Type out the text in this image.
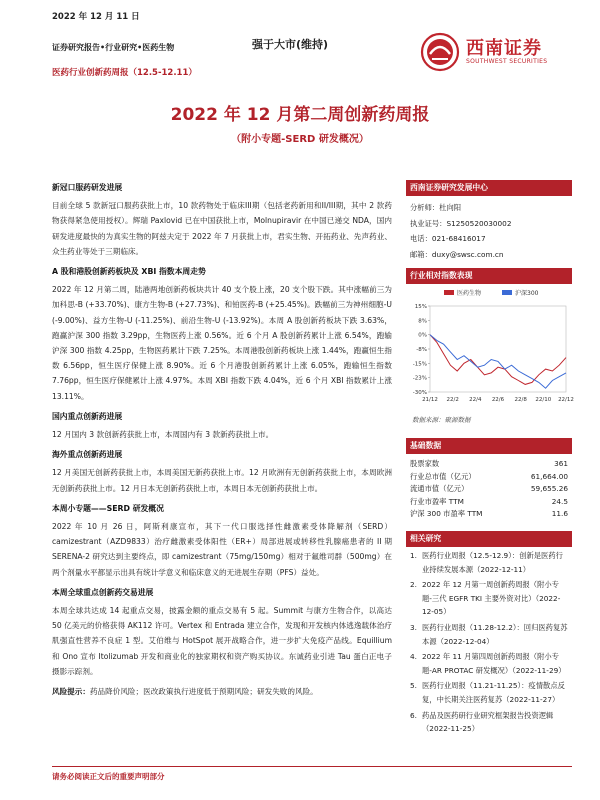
2022 年 12 月 11 日
证券研究报告•行业研究•医药生物
医药行业创新药周报（12.5-12.11）
强于大市(维持)	西南证券
SOUTHWEST SECURITIES
2022 年 12 月第二周创新药周报
（附小专题-SERD 研发概况）
新冠口服药研发进展
目前全球 5 款新冠口服药获批上市，10 款药物处于临床III期（包括老药新用和II/III期，其中 2 款药物获得紧急使用授权）。辉瑞 Paxlovid 已在中国获批上市，Molnupiravir 在中国已递交 NDA，国内研发进度最快的为真实生物的阿兹夫定于 2022 年 7 月获批上市，君实生物、开拓药业、先声药业、众生药业等处于三期临床。
A 股和港股创新药板块及 XBI 指数本周走势
2022 年 12 月第二周，陆港两地创新药板块共计 40 支个股上涨，20 支个股下跌。其中涨幅前三为加科思-B (+33.70%)、康方生物-B (+27.73%)、和铂医药-B (+25.45%)。跌幅前三为神州细胞-U (-9.00%)、益方生物-U (-11.25%)、前沿生物-U (-13.92%)。本周 A 股创新药板块下跌 3.63%，跑赢沪深 300 指数 3.29pp，生物医药上涨 0.56%。近 6 个月 A 股创新药累计上涨 6.54%，跑输沪深 300 指数 4.25pp，生物医药累计下跌 7.25%。本周港股创新药板块上涨 1.44%，跑赢恒生指数 6.56pp，恒生医疗保健上涨 8.90%。近 6 个月港股创新药累计上涨 6.05%，跑输恒生指数 7.76pp，恒生医疗保健累计上涨 4.97%。本周 XBI 指数下跌 4.04%，近 6 个月 XBI 指数累计上涨 13.11%。
国内重点创新药进展
12 月国内 3 款创新药获批上市，本周国内有 3 款新药获批上市。
海外重点创新药进展
12 月美国无创新药获批上市，本周美国无新药获批上市。12 月欧洲有无创新药获批上市，本周欧洲无创新药获批上市。12 月日本无创新药获批上市，本周日本无创新药获批上市。
本周小专题——SERD 研发概况
2022 年 10 月 26 日，阿斯利康宣布，其下一代口服选择性雌激素受体降解剂（SERD）camizestrant（AZD9833）治疗雌激素受体阳性（ER+）局部进展或转移性乳腺癌患者的 II 期 SERENA-2 研究达到主要终点，即 camizestrant（75mg/150mg）相对于氟维司群（500mg）在两个剂量水平都显示出具有统计学意义和临床意义的无进展生存期（PFS）益处。
本周全球重点创新药交易进展
本周全球共达成 14 起重点交易，披露金额的重点交易有 5 起。Summit 与康方生物合作，以高达 50 亿美元的价格获得 AK112 许可。Vertex 和 Entrada 建立合作，发现和开发核内体逃逸载体治疗肌强直性营养不良症 1 型。艾伯维与 HotSpot 展开战略合作，进一步扩大免疫产品线。Equillium 和 Ono 宣布 Itolizumab 开发和商业化的独家期权和资产购买协议。东诚药业引进 Tau 蛋白正电子摄影示踪剂。
风险提示：药品降价风险；医改政策执行进度低于预期风险；研发失败的风险。
西南证券研究发展中心
分析师：杜向阳
执业证号：S1250520030002
电话：021-68416017
邮箱：duxy@swsc.com.cn
行业相对指数表现
15%
8%
0%
-8%
-15%
-23%
-30%
21/12 22/2 22/4 22/6 22/8 22/10 22/12
医药生物	沪深300
数据来源：聚源数据
基础数据
股票家数	361
行业总市值（亿元）	61,664.00
流通市值（亿元）	59,655.26
行业市盈率 TTM	24.5
沪深 300 市盈率 TTM	11.6
相关研究
1. 医药行业周报（12.5-12.9）：创新是医药行业持续发展本源（2022-12-11）
2. 2022 年 12 月第一周创新药周报（附小专题-三代 EGFR TKI 主要外资对比）（2022-12-05）
3. 医药行业周报（11.28-12.2）：回归医药复苏本源（2022-12-04）
4. 2022 年 11 月第四周创新药周报（附小专题-AR PROTAC 研发概况）（2022-11-29）
5. 医药行业周报（11.21-11.25）：疫情散点反复，中长期关注医药复苏（2022-11-27）
6. 药品及医药研行业研究框架报告投资逻辑（2022-11-25）
请务必阅读正文后的重要声明部分
